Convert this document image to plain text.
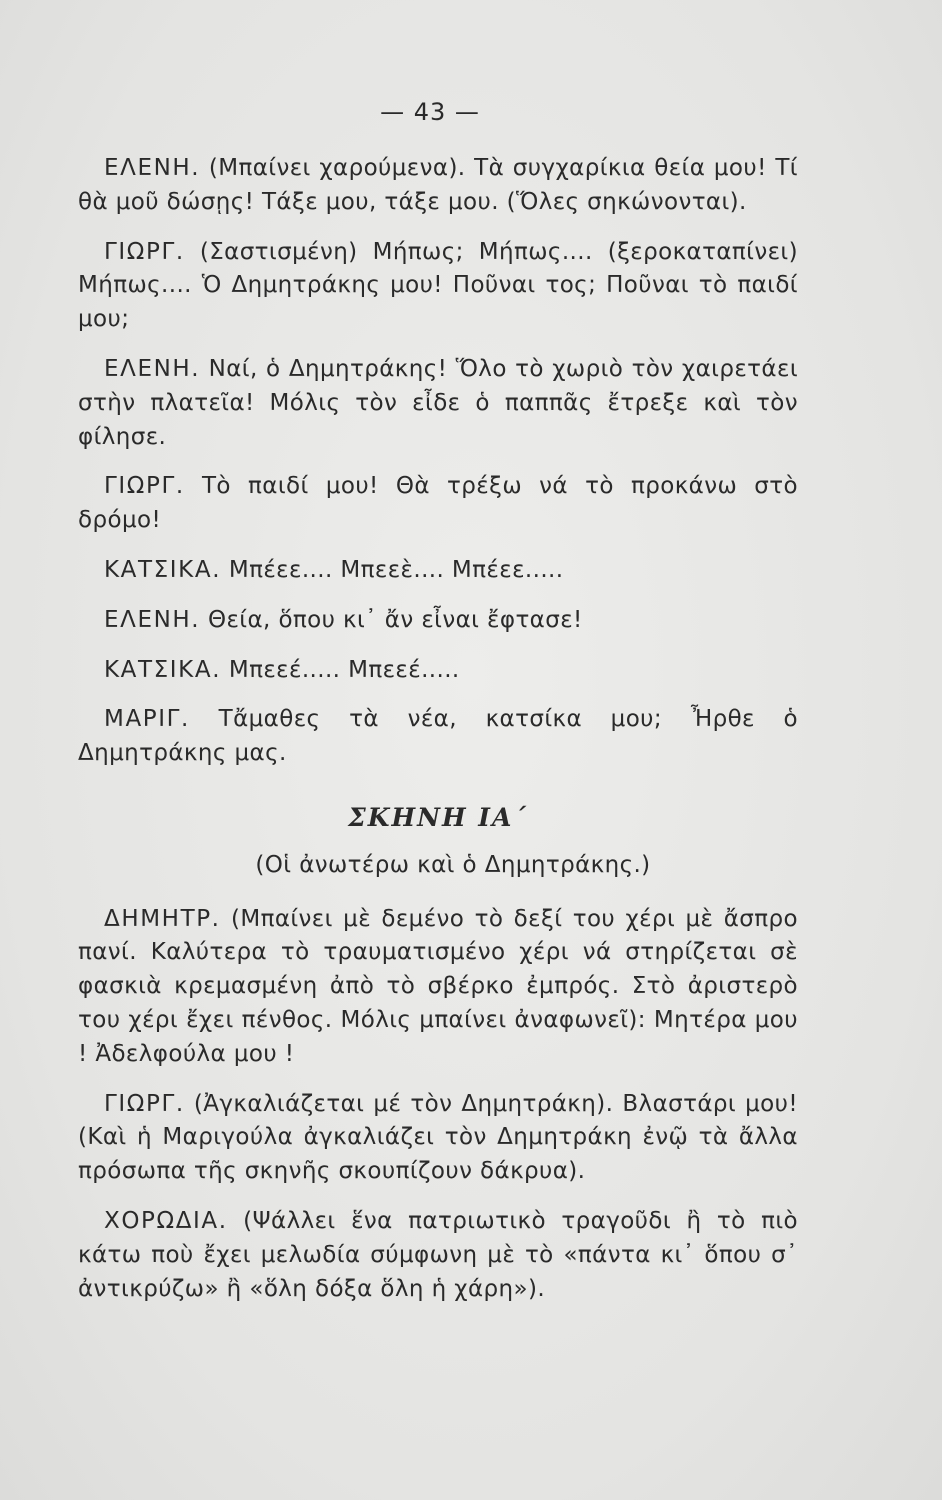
— 43 —

ΕΛΕΝΗ. (Μπαίνει χαρούμενα). Τὰ συγχαρίκια θεία μου! Τί θὰ μοῦ δώσῃς! Τάξε μου, τάξε μου. (Ὅλες σηκώνονται).

ΓΙΩΡΓ. (Σαστισμένη) Μήπως; Μήπως.... (ξεροκαταπίνει) Μήπως.... Ὁ Δημητράκης μου! Ποῦναι τος; Ποῦναι τὸ παιδί μου;

ΕΛΕΝΗ. Ναί, ὁ Δημητράκης! Ὅλο τὸ χωριὸ τὸν χαιρετάει στὴν πλατεῖα! Μόλις τὸν εἶδε ὁ παππᾶς ἔτρεξε καὶ τὸν φίλησε.

ΓΙΩΡΓ. Τὸ παιδί μου! Θὰ τρέξω νά τὸ προκάνω στὸ δρόμο!

ΚΑΤΣΙΚΑ. Μπέεε.... Μπεεὲ.... Μπέεε.....

ΕΛΕΝΗ. Θεία, ὅπου κι᾽ ἄν εἶναι ἔφτασε!

ΚΑΤΣΙΚΑ. Μπεεέ..... Μπεεέ.....

ΜΑΡΙΓ. Τἄμαθες τὰ νέα, κατσίκα μου; Ἦρθε ὁ Δημητράκης μας.

ΣΚΗΝΗ ΙΑ΄
(Οἱ ἀνωτέρω καὶ ὁ Δημητράκης.)

ΔΗΜΗΤΡ. (Μπαίνει μὲ δεμένο τὸ δεξί του χέρι μὲ ἄσπρο πανί. Καλύτερα τὸ τραυματισμένο χέρι νά στηρίζεται σὲ φασκιὰ κρεμασμένη ἀπὸ τὸ σβέρκο ἐμπρός. Στὸ ἀριστερὸ του χέρι ἔχει πένθος. Μόλις μπαίνει ἀναφωνεῖ): Μητέρα μου ! Ἀδελφούλα μου !

ΓΙΩΡΓ. (Ἀγκαλιάζεται μέ τὸν Δημητράκη). Βλαστάρι μου! (Καὶ ἡ Μαριγούλα ἀγκαλιάζει τὸν Δημητράκη ἐνῷ τὰ ἄλλα πρόσωπα τῆς σκηνῆς σκουπίζουν δάκρυα).

ΧΟΡΩΔΙΑ. (Ψάλλει ἕνα πατριωτικὸ τραγοῦδι ἢ τὸ πιὸ κάτω ποὺ ἔχει μελωδία σύμφωνη μὲ τὸ «πάντα κι᾽ ὅπου σ᾽ ἀντικρύζω» ἢ «ὅλη δόξα ὅλη ἡ χάρη»).
